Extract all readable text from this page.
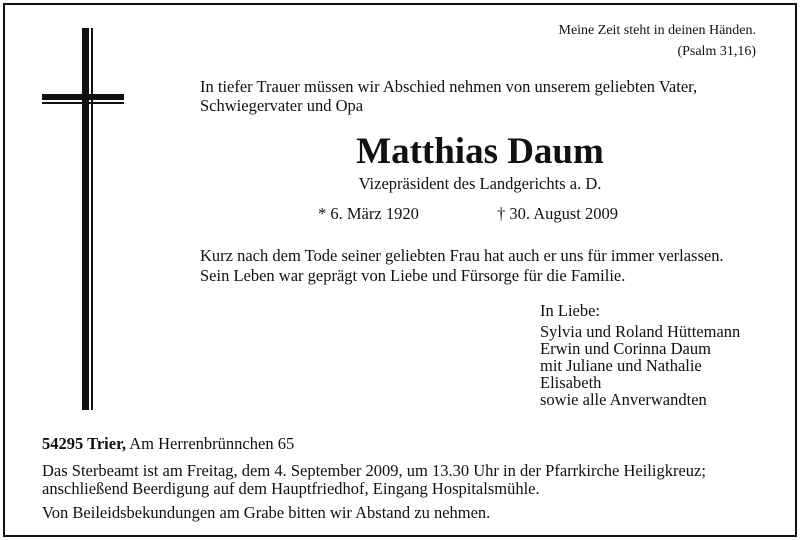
Meine Zeit steht in deinen Händen.
(Psalm 31,16)
In tiefer Trauer müssen wir Abschied nehmen von unserem geliebten Vater,
Schwiegervater und Opa
Matthias Daum
Vizepräsident des Landgerichts a. D.
* 6. März 1920	† 30. August 2009
Kurz nach dem Tode seiner geliebten Frau hat auch er uns für immer verlassen.
Sein Leben war geprägt von Liebe und Fürsorge für die Familie.
In Liebe:
Sylvia und Roland Hüttemann
Erwin und Corinna Daum
mit Juliane und Nathalie
Elisabeth
sowie alle Anverwandten
54295 Trier, Am Herrenbrünnchen 65
Das Sterbeamt ist am Freitag, dem 4. September 2009, um 13.30 Uhr in der Pfarrkirche Heiligkreuz;
anschließend Beerdigung auf dem Hauptfriedhof, Eingang Hospitalsmühle.
Von Beileidsbekundungen am Grabe bitten wir Abstand zu nehmen.
